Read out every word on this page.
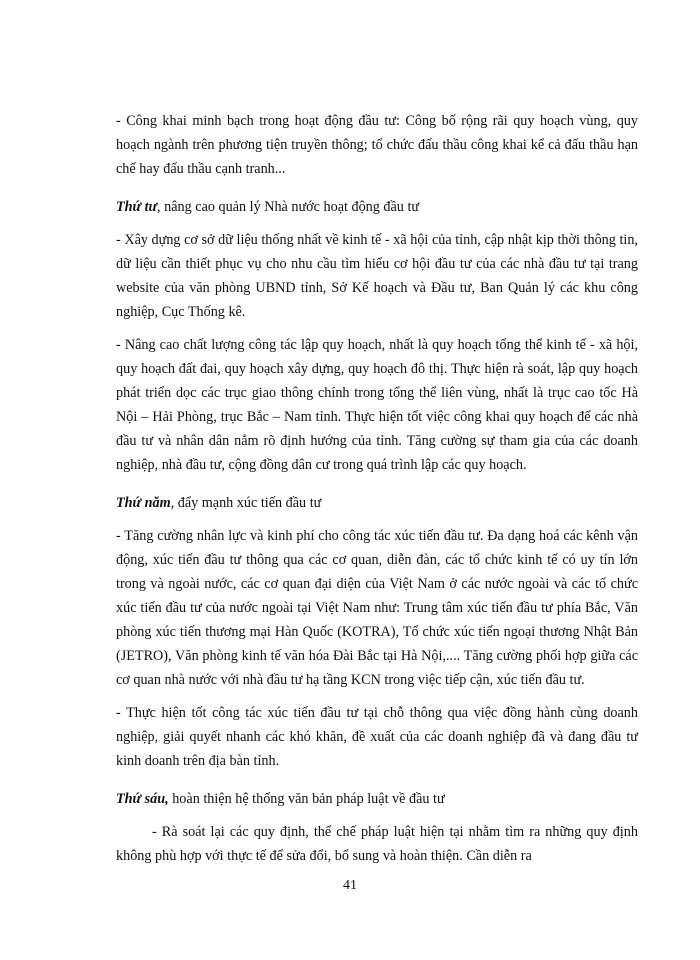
- Công khai minh bạch trong hoạt động đầu tư: Công bố rộng rãi quy hoạch vùng, quy hoạch ngành trên phương tiện truyền thông; tổ chức đấu thầu công khai kể cả đấu thầu hạn chế hay đấu thầu cạnh tranh...

Thứ tư, nâng cao quản lý Nhà nước hoạt động đầu tư

- Xây dựng cơ sở dữ liệu thống nhất về kinh tế - xã hội của tỉnh, cập nhật kịp thời thông tin, dữ liệu cần thiết phục vụ cho nhu cầu tìm hiểu cơ hội đầu tư của các nhà đầu tư tại trang website của văn phòng UBND tỉnh, Sở Kế hoạch và Đầu tư, Ban Quản lý các khu công nghiệp, Cục Thống kê.

- Nâng cao chất lượng công tác lập quy hoạch, nhất là quy hoạch tổng thể kinh tế - xã hội, quy hoạch đất đai, quy hoạch xây dựng, quy hoạch đô thị. Thực hiện rà soát, lập quy hoạch phát triển dọc các trục giao thông chính trong tổng thể liên vùng, nhất là trục cao tốc Hà Nội – Hải Phòng, trục Bắc – Nam tỉnh. Thực hiện tốt việc công khai quy hoạch để các nhà đầu tư và nhân dân nắm rõ định hướng của tỉnh. Tăng cường sự tham gia của các doanh nghiệp, nhà đầu tư, cộng đồng dân cư trong quá trình lập các quy hoạch.

Thứ năm, đẩy mạnh xúc tiến đầu tư

- Tăng cường nhân lực và kinh phí cho công tác xúc tiến đầu tư. Đa dạng hoá các kênh vận động, xúc tiến đầu tư thông qua các cơ quan, diễn đàn, các tổ chức kinh tế có uy tín lớn trong và ngoài nước, các cơ quan đại diện của Việt Nam ở các nước ngoài và các tổ chức xúc tiến đầu tư của nước ngoài tại Việt Nam như: Trung tâm xúc tiến đầu tư phía Bắc, Văn phòng xúc tiến thương mại Hàn Quốc (KOTRA), Tổ chức xúc tiến ngoại thương Nhật Bản (JETRO), Văn phòng kinh tế văn hóa Đài Bắc tại Hà Nội,.... Tăng cường phối hợp giữa các cơ quan nhà nước với nhà đầu tư hạ tầng KCN trong việc tiếp cận, xúc tiến đầu tư.

- Thực hiện tốt công tác xúc tiến đầu tư tại chỗ thông qua việc đồng hành cùng doanh nghiệp, giải quyết nhanh các khó khăn, đề xuất của các doanh nghiệp đã và đang đầu tư kinh doanh trên địa bàn tỉnh.

Thứ sáu, hoàn thiện hệ thống văn bản pháp luật về đầu tư

- Rà soát lại các quy định, thể chế pháp luật hiện tại nhằm tìm ra những quy định không phù hợp với thực tế để sửa đổi, bổ sung và hoàn thiện. Cần diễn ra

41
